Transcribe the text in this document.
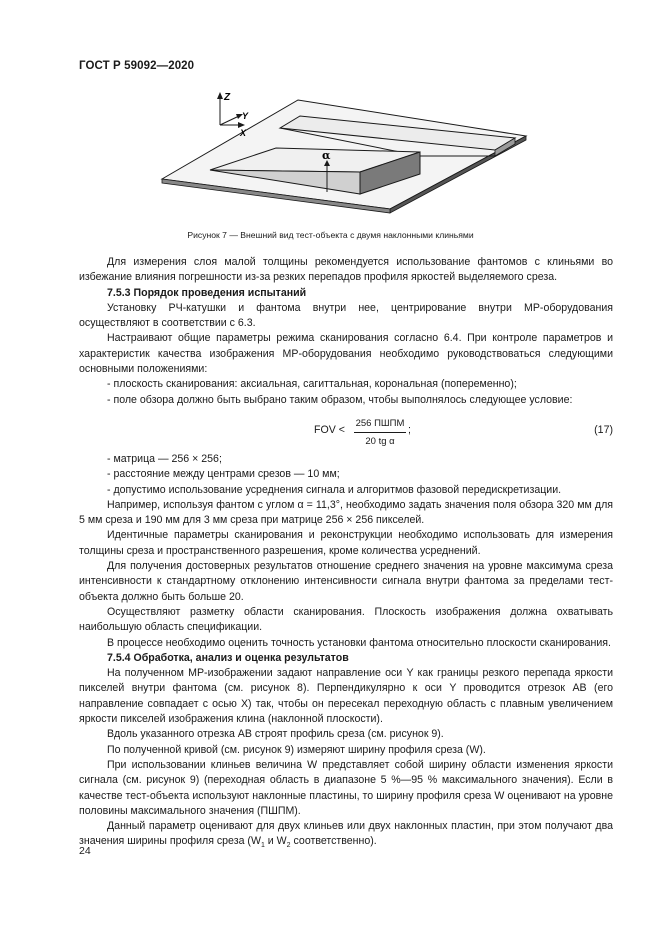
ГОСТ Р 59092—2020
α
Z
Y
X
Рисунок 7 — Внешний вид тест-объекта с двумя наклонными клиньями

Для измерения слоя малой толщины рекомендуется использование фантомов с клиньями во избежание влияния погрешности из-за резких перепадов профиля яркостей выделяемого среза.

7.5.3 Порядок проведения испытаний

Установку РЧ-катушки и фантома внутри нее, центрирование внутри МР-оборудования осуществляют в соответствии с 6.3.

Настраивают общие параметры режима сканирования согласно 6.4. При контроле параметров и характеристик качества изображения МР-оборудования необходимо руководствоваться следующими основными положениями:

- плоскость сканирования: аксиальная, сагиттальная, корональная (попеременно);

- поле обзора должно быть выбрано таким образом, чтобы выполнялось следующее условие:

FOV <
256 ПШПМ
20 tg α
;	(17)

- матрица — 256 × 256;

- расстояние между центрами срезов — 10 мм;

- допустимо использование усреднения сигнала и алгоритмов фазовой передискретизации.

Например, используя фантом с углом α = 11,3°, необходимо задать значения поля обзора 320 мм для 5 мм среза и 190 мм для 3 мм среза при матрице 256 × 256 пикселей.

Идентичные параметры сканирования и реконструкции необходимо использовать для измерения толщины среза и пространственного разрешения, кроме количества усреднений.

Для получения достоверных результатов отношение среднего значения на уровне максимума среза интенсивности к стандартному отклонению интенсивности сигнала внутри фантома за пределами тест-объекта должно быть больше 20.

Осуществляют разметку области сканирования. Плоскость изображения должна охватывать наибольшую область спецификации.

В процессе необходимо оценить точность установки фантома относительно плоскости сканирования.

7.5.4 Обработка, анализ и оценка результатов

На полученном МР-изображении задают направление оси Y как границы резкого перепада яркости пикселей внутри фантома (см. рисунок 8). Перпендикулярно к оси Y проводится отрезок АВ (его направление совпадает с осью X) так, чтобы он пересекал переходную область с плавным увеличением яркости пикселей изображения клина (наклонной плоскости).

Вдоль указанного отрезка АВ строят профиль среза (см. рисунок 9).

По полученной кривой (см. рисунок 9) измеряют ширину профиля среза (W).

При использовании клиньев величина W представляет собой ширину области изменения яркости сигнала (см. рисунок 9) (переходная область в диапазоне 5 %—95 % максимального значения). Если в качестве тест-объекта используют наклонные пластины, то ширину профиля среза W оценивают на уровне половины максимального значения (ПШПМ).

Данный параметр оценивают для двух клиньев или двух наклонных пластин, при этом получают два значения ширины профиля среза ($W_1$ и $W_2$ соответственно).

24
